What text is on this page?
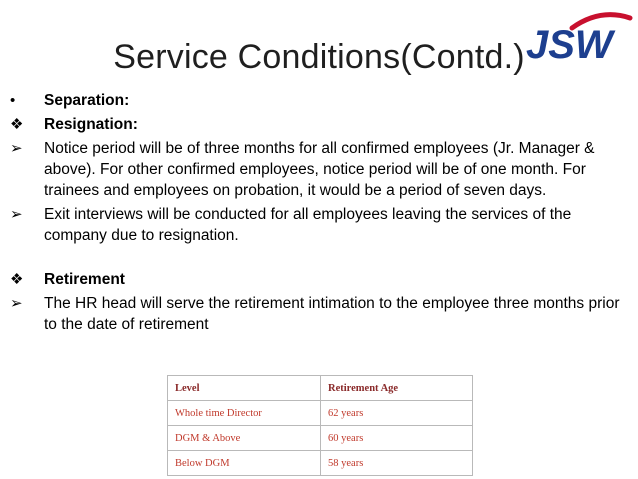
Service Conditions(Contd.) JSW
•	Separation:
❖	Resignation:
➢	Notice period will be of three months for all confirmed employees (Jr. Manager & above). For other confirmed employees, notice period will be of one month. For trainees and employees on probation, it would be a period of seven days.
➢	Exit interviews will be conducted for all employees leaving the services of the company due to resignation.
❖	Retirement
➢	The HR head will serve the retirement intimation to the employee three months prior to the date of retirement
Level	Retirement Age
Whole time Director	62 years
DGM & Above	60 years
Below DGM	58 years
